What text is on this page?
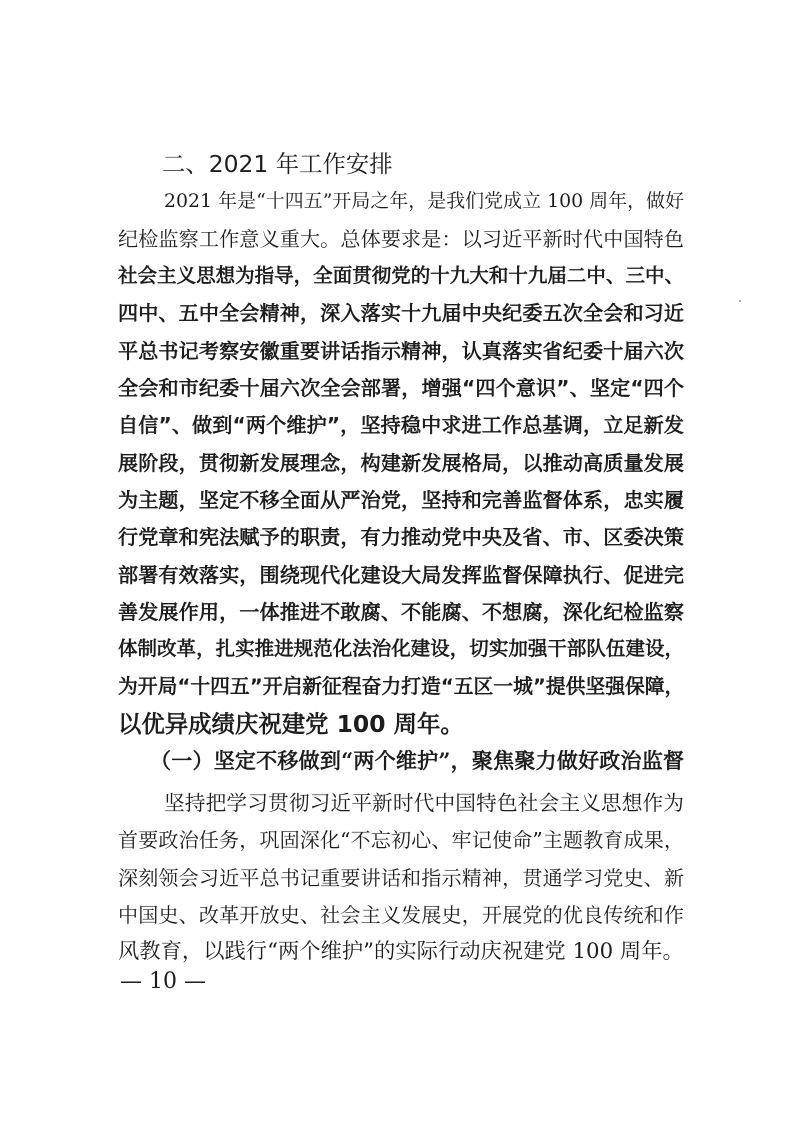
二、2021 年工作安排
2021 年是“十四五”开局之年，是我们党成立 100 周年，做好
纪检监察工作意义重大。总体要求是：以习近平新时代中国特色
社会主义思想为指导，全面贯彻党的十九大和十九届二中、三中、
四中、五中全会精神，深入落实十九届中央纪委五次全会和习近
平总书记考察安徽重要讲话指示精神，认真落实省纪委十届六次
全会和市纪委十届六次全会部署，增强“四个意识”、坚定“四个
自信”、做到“两个维护”，坚持稳中求进工作总基调，立足新发
展阶段，贯彻新发展理念，构建新发展格局，以推动高质量发展
为主题，坚定不移全面从严治党，坚持和完善监督体系，忠实履
行党章和宪法赋予的职责，有力推动党中央及省、市、区委决策
部署有效落实，围绕现代化建设大局发挥监督保障执行、促进完
善发展作用，一体推进不敢腐、不能腐、不想腐，深化纪检监察
体制改革，扎实推进规范化法治化建设，切实加强干部队伍建设，
为开局“十四五”开启新征程奋力打造“五区一城”提供坚强保障，
以优异成绩庆祝建党 100 周年。
（一）坚定不移做到“两个维护”，聚焦聚力做好政治监督
坚持把学习贯彻习近平新时代中国特色社会主义思想作为
首要政治任务，巩固深化“不忘初心、牢记使命”主题教育成果，
深刻领会习近平总书记重要讲话和指示精神，贯通学习党史、新
中国史、改革开放史、社会主义发展史，开展党的优良传统和作
风教育，以践行“两个维护”的实际行动庆祝建党 100 周年。
— 10 —
